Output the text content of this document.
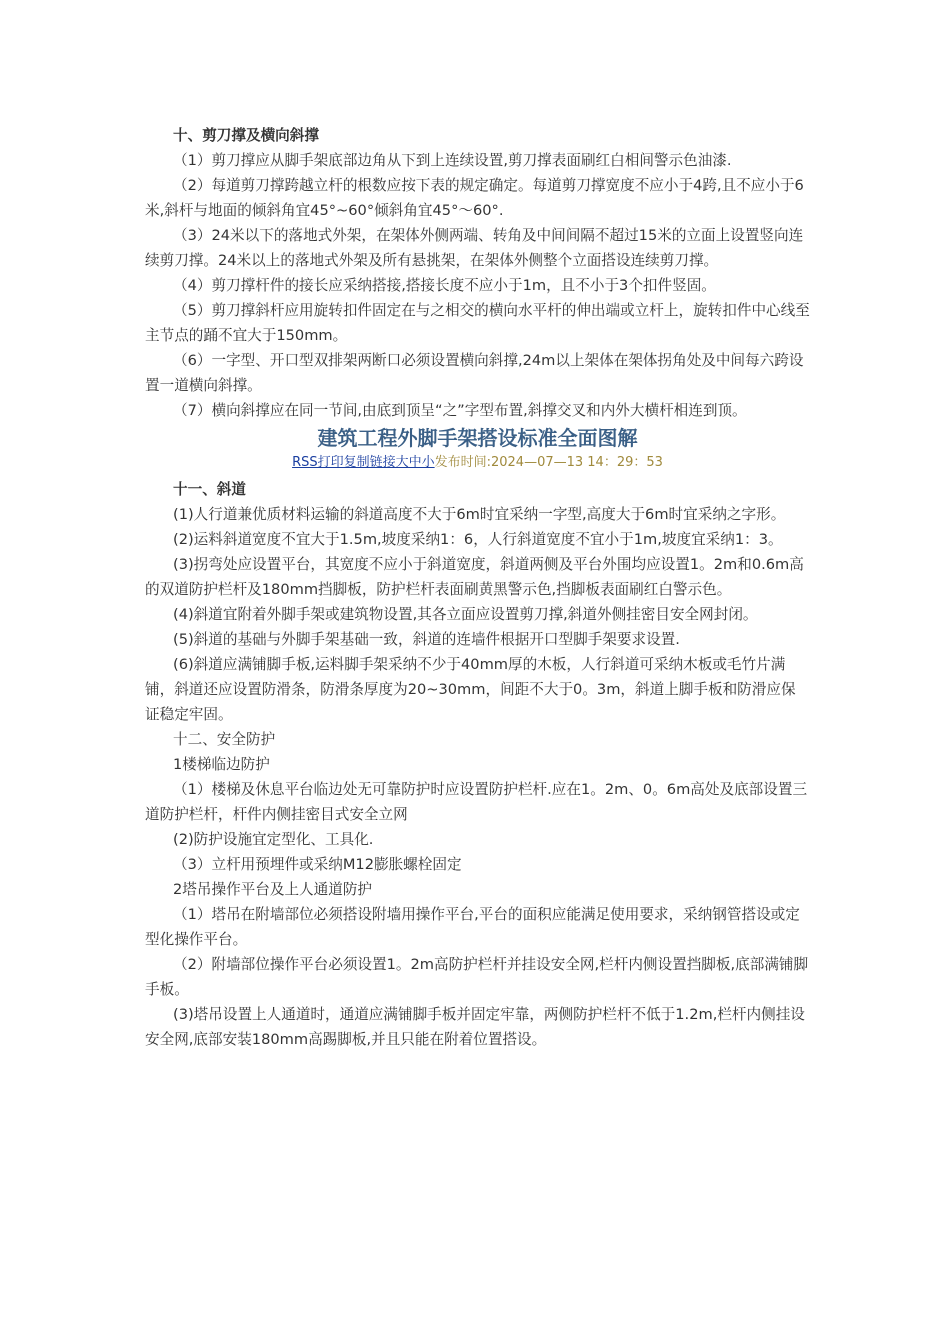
十、剪刀撑及横向斜撑

（1）剪刀撑应从脚手架底部边角从下到上连续设置,剪刀撑表面刷红白相间警示色油漆.

（2）每道剪刀撑跨越立杆的根数应按下表的规定确定。每道剪刀撑宽度不应小于4跨,且不应小于6米,斜杆与地面的倾斜角宜45°~60°倾斜角宜45°～60°.

（3）24米以下的落地式外架，在架体外侧两端、转角及中间间隔不超过15米的立面上设置竖向连续剪刀撑。24米以上的落地式外架及所有悬挑架，在架体外侧整个立面搭设连续剪刀撑。

（4）剪刀撑杆件的接长应采纳搭接,搭接长度不应小于1m，且不小于3个扣件竖固。

（5）剪刀撑斜杆应用旋转扣件固定在与之相交的横向水平杆的伸出端或立杆上，旋转扣件中心线至主节点的踊不宜大于150mm。

（6）一字型、开口型双排架两断口必须设置横向斜撑,24m以上架体在架体拐角处及中间每六跨设置一道横向斜撑。

（7）横向斜撑应在同一节间,由底到顶呈“之”字型布置,斜撑交叉和内外大横杆相连到顶。

建筑工程外脚手架搭设标准全面图解

RSS打印复制链接大中小发布时间:2024—07—13 14：29：53

十一、斜道

(1)人行道兼优质材料运输的斜道高度不大于6m时宜采纳一字型,高度大于6m时宜采纳之字形。

(2)运料斜道宽度不宜大于1.5m,坡度采纳1：6，人行斜道宽度不宜小于1m,坡度宜采纳1：3。

(3)拐弯处应设置平台，其宽度不应小于斜道宽度，斜道两侧及平台外围均应设置1。2m和0.6m高的双道防护栏杆及180mm挡脚板，防护栏杆表面刷黄黑警示色,挡脚板表面刷红白警示色。

(4)斜道宜附着外脚手架或建筑物设置,其各立面应设置剪刀撑,斜道外侧挂密目安全网封闭。

(5)斜道的基础与外脚手架基础一致，斜道的连墙件根据开口型脚手架要求设置.

(6)斜道应满铺脚手板,运料脚手架采纳不少于40mm厚的木板，人行斜道可采纳木板或毛竹片满铺，斜道还应设置防滑条，防滑条厚度为20~30mm，间距不大于0。3m，斜道上脚手板和防滑应保证稳定牢固。

十二、安全防护

1楼梯临边防护

（1）楼梯及休息平台临边处无可靠防护时应设置防护栏杆.应在1。2m、0。6m高处及底部设置三道防护栏杆，杆件内侧挂密目式安全立网

(2)防护设施宜定型化、工具化.

（3）立杆用预埋件或采纳M12膨胀螺栓固定

2塔吊操作平台及上人通道防护

（1）塔吊在附墙部位必须搭设附墙用操作平台,平台的面积应能满足使用要求，采纳钢管搭设或定型化操作平台。

（2）附墙部位操作平台必须设置1。2m高防护栏杆并挂设安全网,栏杆内侧设置挡脚板,底部满铺脚手板。

(3)塔吊设置上人通道时，通道应满铺脚手板并固定牢靠，两侧防护栏杆不低于1.2m,栏杆内侧挂设安全网,底部安装180mm高踢脚板,并且只能在附着位置搭设。
